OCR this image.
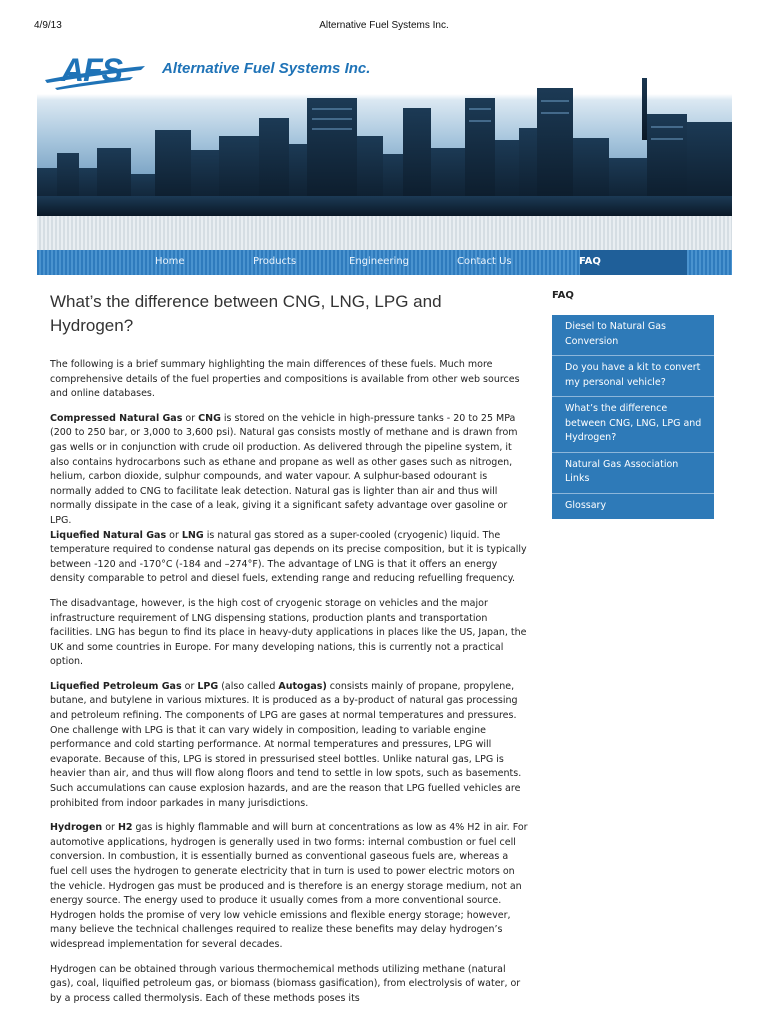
4/9/13	Alternative Fuel Systems Inc.
AFS	Alternative Fuel Systems Inc.
Home	Products	Engineering	Contact Us	FAQ
What’s the difference between CNG, LNG, LPG and Hydrogen?

The following is a brief summary highlighting the main differences of these fuels. Much more comprehensive details of the fuel properties and compositions is available from other web sources and online databases.

Compressed Natural Gas or CNG is stored on the vehicle in high-pressure tanks - 20 to 25 MPa (200 to 250 bar, or 3,000 to 3,600 psi). Natural gas consists mostly of methane and is drawn from gas wells or in conjunction with crude oil production. As delivered through the pipeline system, it also contains hydrocarbons such as ethane and propane as well as other gases such as nitrogen, helium, carbon dioxide, sulphur compounds, and water vapour. A sulphur-based odourant is normally added to CNG to facilitate leak detection. Natural gas is lighter than air and thus will normally dissipate in the case of a leak, giving it a significant safety advantage over gasoline or LPG.

Liquefied Natural Gas or LNG is natural gas stored as a super-cooled (cryogenic) liquid. The temperature required to condense natural gas depends on its precise composition, but it is typically between -120 and -170°C (-184 and –274°F). The advantage of LNG is that it offers an energy density comparable to petrol and diesel fuels, extending range and reducing refuelling frequency.

The disadvantage, however, is the high cost of cryogenic storage on vehicles and the major infrastructure requirement of LNG dispensing stations, production plants and transportation facilities. LNG has begun to find its place in heavy-duty applications in places like the US, Japan, the UK and some countries in Europe. For many developing nations, this is currently not a practical option.

Liquefied Petroleum Gas or LPG (also called Autogas) consists mainly of propane, propylene, butane, and butylene in various mixtures. It is produced as a by-product of natural gas processing and petroleum refining. The components of LPG are gases at normal temperatures and pressures. One challenge with LPG is that it can vary widely in composition, leading to variable engine performance and cold starting performance. At normal temperatures and pressures, LPG will evaporate. Because of this, LPG is stored in pressurised steel bottles. Unlike natural gas, LPG is heavier than air, and thus will flow along floors and tend to settle in low spots, such as basements. Such accumulations can cause explosion hazards, and are the reason that LPG fuelled vehicles are prohibited from indoor parkades in many jurisdictions.

Hydrogen or H2 gas is highly flammable and will burn at concentrations as low as 4% H2 in air. For automotive applications, hydrogen is generally used in two forms: internal combustion or fuel cell conversion. In combustion, it is essentially burned as conventional gaseous fuels are, whereas a fuel cell uses the hydrogen to generate electricity that in turn is used to power electric motors on the vehicle. Hydrogen gas must be produced and is therefore is an energy storage medium, not an energy source. The energy used to produce it usually comes from a more conventional source. Hydrogen holds the promise of very low vehicle emissions and flexible energy storage; however, many believe the technical challenges required to realize these benefits may delay hydrogen’s widespread implementation for several decades.

Hydrogen can be obtained through various thermochemical methods utilizing methane (natural gas), coal, liquified petroleum gas, or biomass (biomass gasification), from electrolysis of water, or by a process called thermolysis. Each of these methods poses its

FAQ
Diesel to Natural Gas Conversion
Do you have a kit to convert my personal vehicle?
What’s the difference between CNG, LNG, LPG and Hydrogen?
Natural Gas Association Links
Glossary
